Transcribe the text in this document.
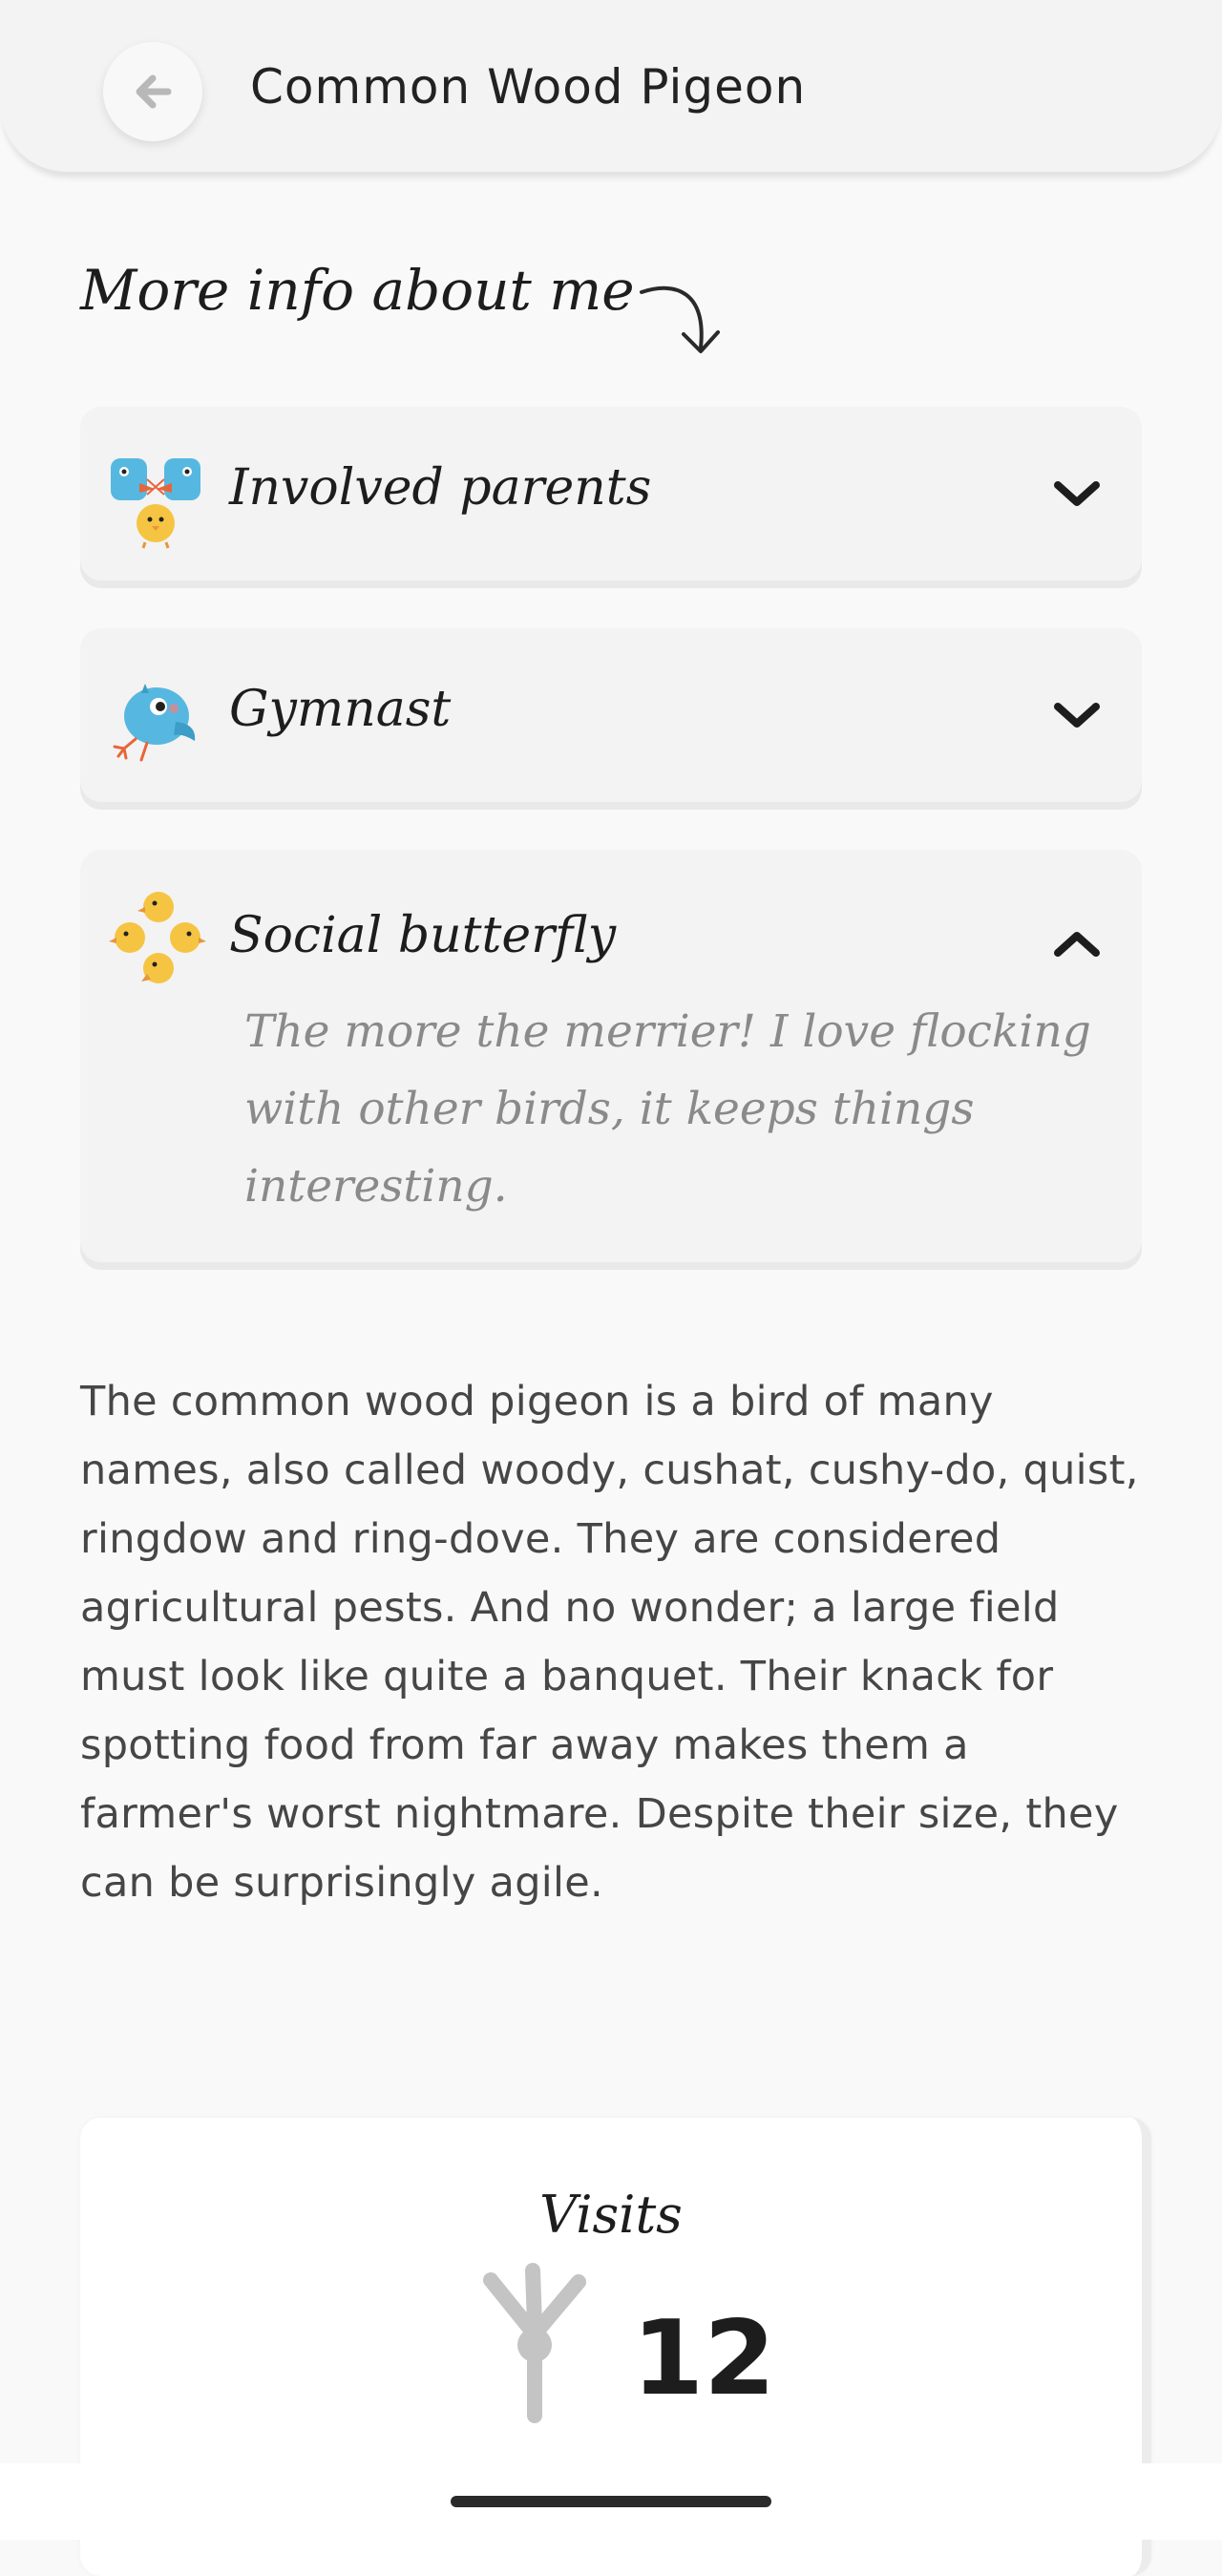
Common Wood Pigeon
More info about me
Involved parents
Gymnast
Social butterfly
The more the merrier! I love flocking with other birds, it keeps things interesting.
The common wood pigeon is a bird of many names, also called woody, cushat, cushy-do, quist, ringdow and ring-dove. They are considered agricultural pests. And no wonder; a large field must look like quite a banquet. Their knack for spotting food from far away makes them a farmer's worst nightmare. Despite their size, they can be surprisingly agile.
Visits
12
